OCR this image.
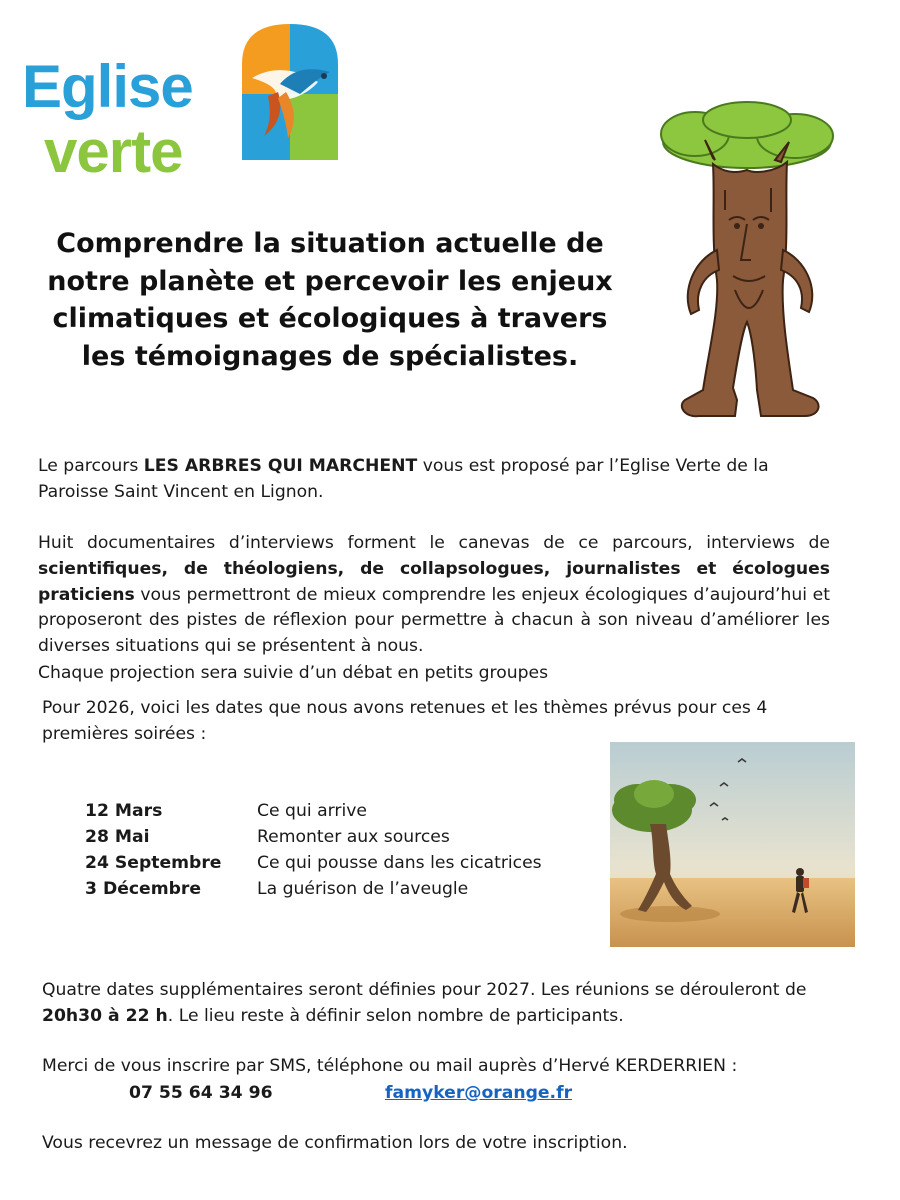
Eglise
verte

Comprendre la situation actuelle de notre planète et percevoir les enjeux climatiques et écologiques à travers les témoignages de spécialistes.

Le parcours LES ARBRES QUI MARCHENT vous est proposé par l’Eglise Verte de la Paroisse Saint Vincent en Lignon.

Huit documentaires d’interviews forment le canevas de ce parcours, interviews de scientifiques, de théologiens, de collapsologues, journalistes et écologues praticiens vous permettront de mieux comprendre les enjeux écologiques d’aujourd’hui et proposeront des pistes de réflexion pour permettre à chacun à son niveau d’améliorer les diverses situations qui se présentent à nous.

Chaque projection sera suivie d’un débat en petits groupes

Pour 2026, voici les dates que nous avons retenues et les thèmes prévus pour ces 4 premières soirées :

12 Mars	Ce qui arrive
28 Mai	Remonter aux sources
24 Septembre	Ce qui pousse dans les cicatrices
3 Décembre	La guérison de l’aveugle

Quatre dates supplémentaires seront définies pour 2027. Les réunions se dérouleront de 20h30 à 22 h. Le lieu reste à définir selon nombre de participants.

Merci de vous inscrire par SMS, téléphone ou mail auprès d’Hervé KERDERRIEN :

07 55 64 34 96	famyker@orange.fr

Vous recevrez un message de confirmation lors de votre inscription.
